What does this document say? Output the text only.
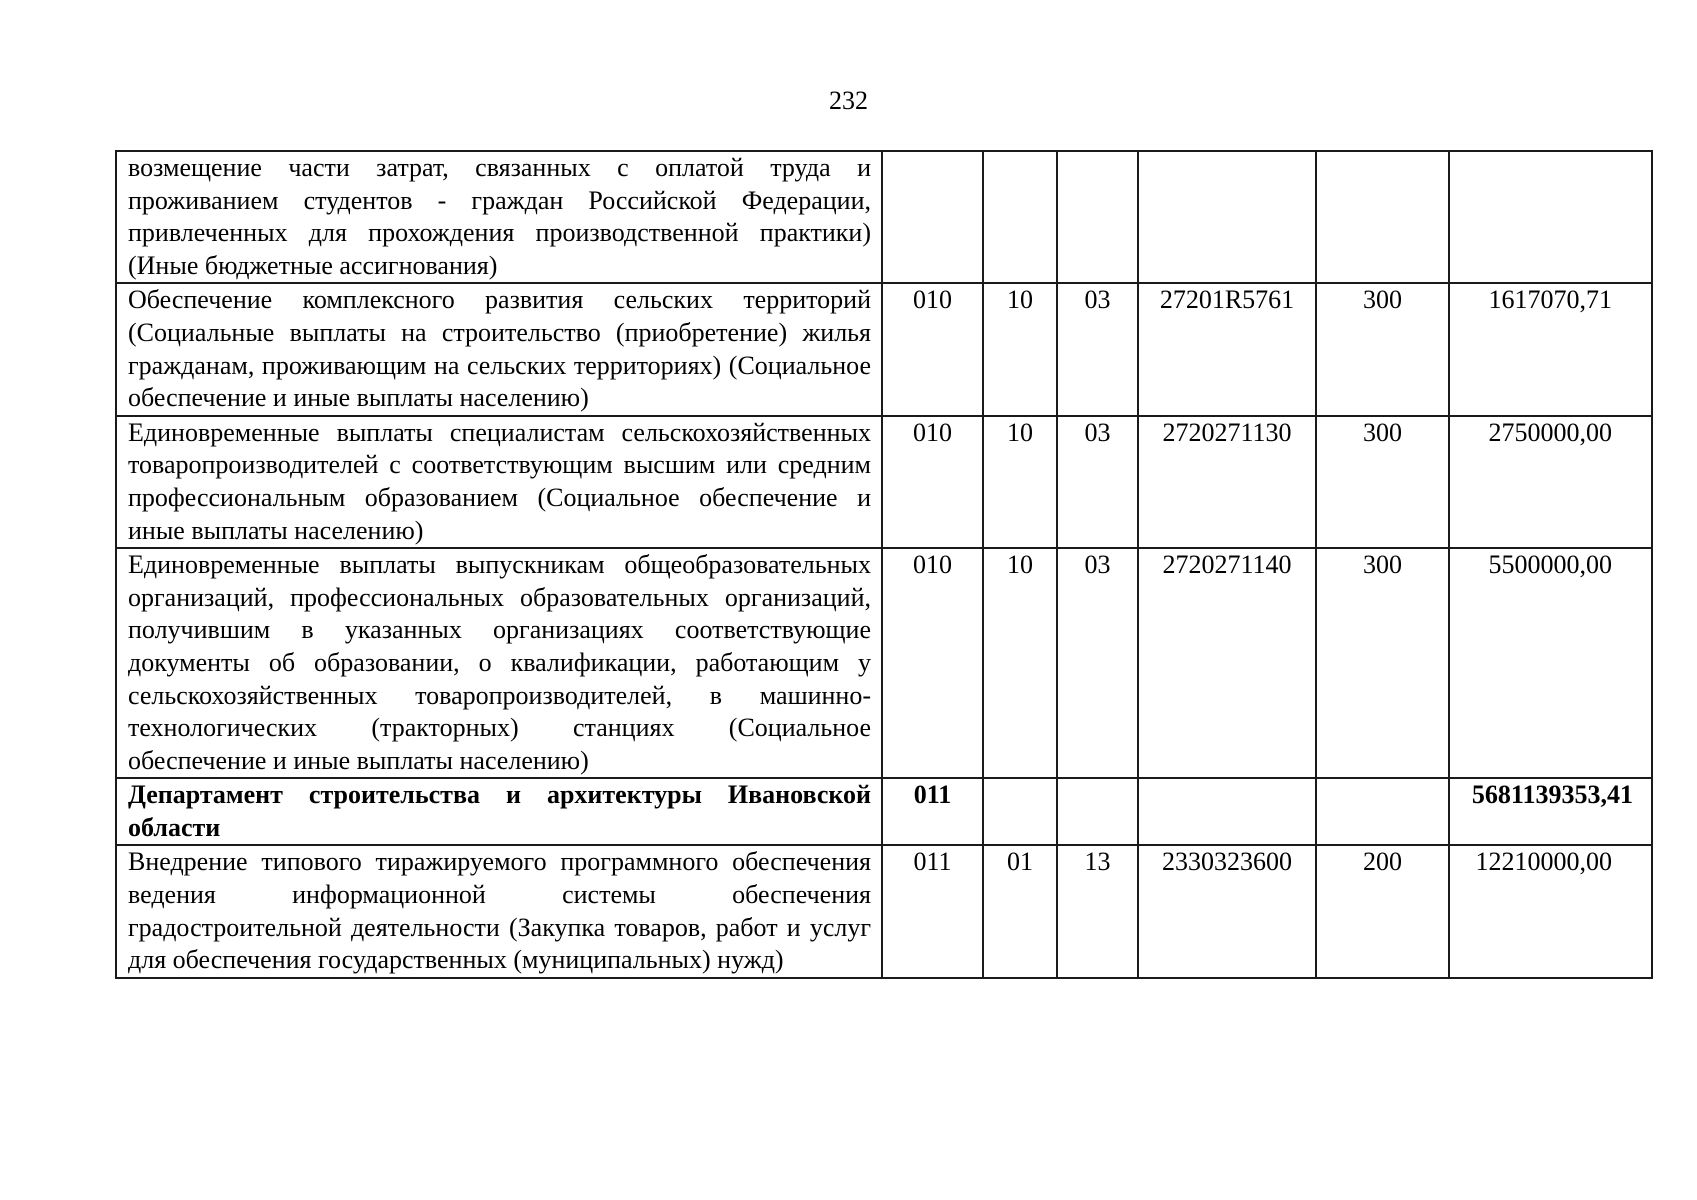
232
возмещение части затрат, связанных с оплатой труда и проживанием студентов - граждан Российской Федерации, привлеченных для прохождения производственной практики) (Иные бюджетные ассигнования)						
Обеспечение комплексного развития сельских территорий (Социальные выплаты на строительство (приобретение) жилья гражданам, проживающим на сельских территориях) (Социальное обеспечение и иные выплаты населению)	010	10	03	27201R5761	300	1617070,71
Единовременные выплаты специалистам сельскохозяйственных товаропроизводителей с соответствующим высшим или средним профессиональным образованием (Социальное обеспечение и иные выплаты населению)	010	10	03	2720271130	300	2750000,00
Единовременные выплаты выпускникам общеобразовательных организаций, профессиональных образовательных организаций, получившим в указанных организациях соответствующие документы об образовании, о квалификации, работающим у сельскохозяйственных товаропроизводителей, в машинно-технологических (тракторных) станциях (Социальное обеспечение и иные выплаты населению)	010	10	03	2720271140	300	5500000,00
Департамент строительства и архитектуры Ивановской области	011					5681139353,41
Внедрение типового тиражируемого программного обеспечения ведения информационной системы обеспечения градостроительной деятельности (Закупка товаров, работ и услуг для обеспечения государственных (муниципальных) нужд)	011	01	13	2330323600	200	12210000,00
